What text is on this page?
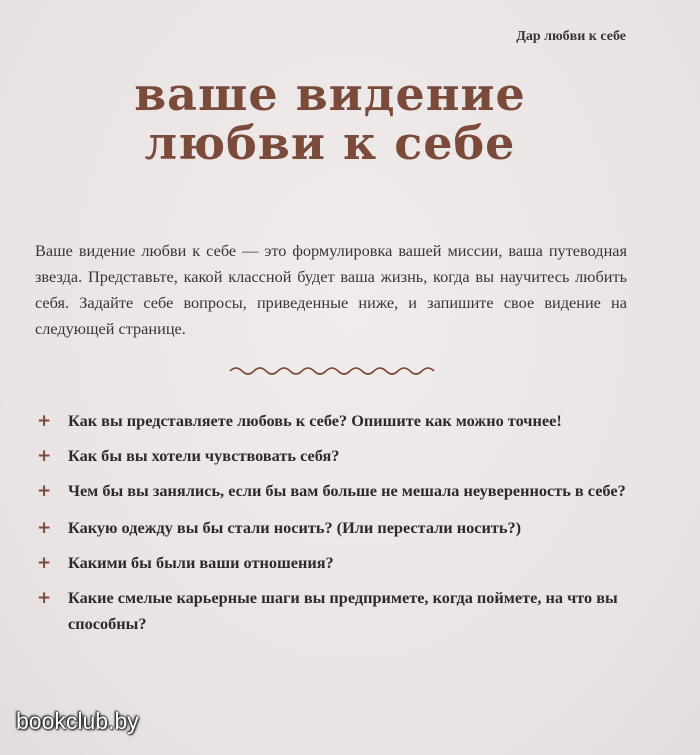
Дар любви к себе
ваше видение
любви к себе

Ваше видение любви к себе — это формулировка вашей миссии, ваша путеводная звезда. Представьте, какой классной будет ваша жизнь, когда вы научитесь любить себя. Задайте себе вопросы, приведенные ниже, и запишите свое видение на следующей странице.

+ Как вы представляете любовь к себе? Опишите как можно точнее!
+ Как бы вы хотели чувствовать себя?
+ Чем бы вы занялись, если бы вам больше не мешала неуверенность в себе?
+ Какую одежду вы бы стали носить? (Или перестали носить?)
+ Какими бы были ваши отношения?
+ Какие смелые карьерные шаги вы предпримете, когда поймете, на что вы способны?
bookclub.by
